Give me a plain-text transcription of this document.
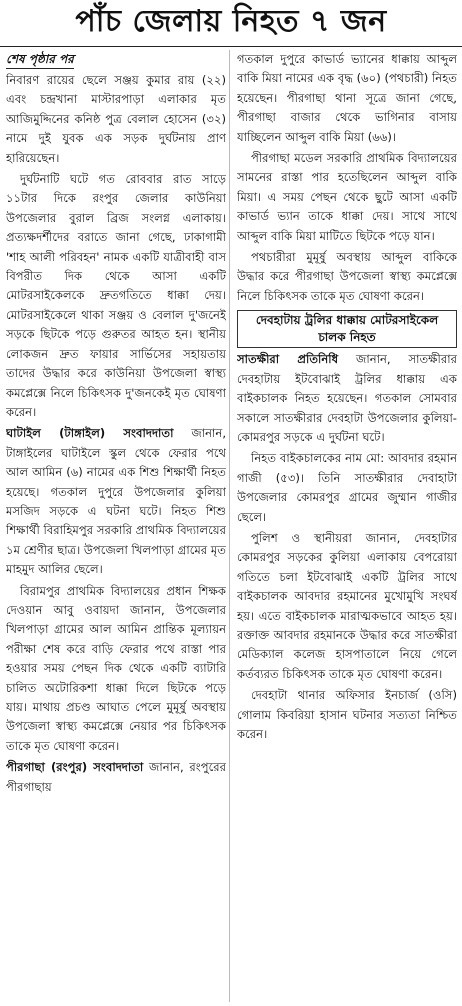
পাঁচ জেলায় নিহত ৭ জন
শেষ পৃষ্ঠার পর

নিবারণ রায়ের ছেলে সঞ্জয় কুমার রায় (২২) এবং চন্দ্রখানা মাস্টারপাড়া এলাকার মৃত আজিমুদ্দিনের কনিষ্ঠ পুত্র বেলাল হোসেন (৩২) নামে দুই যুবক এক সড়ক দুর্ঘটনায় প্রাণ হারিয়েছেন।

দুর্ঘটনাটি ঘটে গত রোববার রাত সাড়ে ১১টার দিকে রংপুর জেলার কাউনিয়া উপজেলার বুরাল ব্রিজ সংলগ্ন এলাকায়। প্রত্যক্ষদর্শীদের বরাতে জানা গেছে, ঢাকাগামী 'শাহ আলী পরিবহন' নামক একটি যাত্রীবাহী বাস বিপরীত দিক থেকে আসা একটি মোটরসাইকেলকে দ্রুতগতিতে ধাক্কা দেয়। মোটরসাইকেলে থাকা সঞ্জয় ও বেলাল দু'জনেই সড়কে ছিটকে পড়ে গুরুতর আহত হন। স্থানীয় লোকজন দ্রুত ফায়ার সার্ভিসের সহায়তায় তাদের উদ্ধার করে কাউনিয়া উপজেলা স্বাস্থ্য কমপ্লেক্সে নিলে চিকিৎসক দু'জনকেই মৃত ঘোষণা করেন।

ঘাটাইল (টাঙ্গাইল) সংবাদদাতা জানান, টাঙ্গাইলের ঘাটাইলে স্কুল থেকে ফেরার পথে আল আমিন (৬) নামের এক শিশু শিক্ষার্থী নিহত হয়েছে। গতকাল দুপুরে উপজেলার কুলিয়া মসজিদ সড়কে এ ঘটনা ঘটে। নিহত শিশু শিক্ষার্থী বিরাহিমপুর সরকারি প্রাথমিক বিদ্যালয়ের ১ম শ্রেণীর ছাত্র। উপজেলা খিলপাড়া গ্রামের মৃত মাহমুদ আলির ছেলে।

বিরামপুর প্রাথমিক বিদ্যালয়ের প্রধান শিক্ষক দেওয়ান আবু ওবায়দা জানান, উপজেলার খিলপাড়া গ্রামের আল আমিন প্রান্তিক মূল্যায়ন পরীক্ষা শেষ করে বাড়ি ফেরার পথে রাস্তা পার হওয়ার সময় পেছন দিক থেকে একটি ব্যাটারি চালিত অটোরিকশা ধাক্কা দিলে ছিটকে পড়ে যায়। মাথায় প্রচণ্ড আঘাত পেলে মুমূর্ষু অবস্থায় উপজেলা স্বাস্থ্য কমপ্লেক্সে নেয়ার পর চিকিৎসক তাকে মৃত ঘোষণা করেন।

পীরগাছা (রংপুর) সংবাদদাতা জানান, রংপুরের পীরগাছায়

গতকাল দুপুরে কাভার্ড ভ্যানের ধাক্কায় আব্দুল বাকি মিয়া নামের এক বৃদ্ধ (৬০) (পথচারী) নিহত হয়েছেন। পীরগাছা থানা সূত্রে জানা গেছে, পীরগাছা বাজার থেকে ভাগিনার বাসায় যাচ্ছিলেন আব্দুল বাকি মিয়া (৬৬)।

পীরগাছা মডেল সরকারি প্রাথমিক বিদ্যালয়ের সামনের রাস্তা পার হতেছিলেন আব্দুল বাকি মিয়া। এ সময় পেছন থেকে ছুটে আসা একটি কাভার্ড ভ্যান তাকে ধাক্কা দেয়। সাথে সাথে আব্দুল বাকি মিয়া মাটিতে ছিটকে পড়ে যান।

পথচারীরা মুমূর্ষু অবস্থায় আব্দুল বাকিকে উদ্ধার করে পীরগাছা উপজেলা স্বাস্থ্য কমপ্লেক্সে নিলে চিকিৎসক তাকে মৃত ঘোষণা করেন।

দেবহাটায় ট্রলির ধাক্কায় মোটরসাইকেল চালক নিহত

সাতক্ষীরা প্রতিনিধি জানান, সাতক্ষীরার দেবহাটায় ইটবোঝাই ট্রলির ধাক্কায় এক বাইকচালক নিহত হয়েছেন। গতকাল সোমবার সকালে সাতক্ষীরার দেবহাটা উপজেলার কুলিয়া-কোমরপুর সড়কে এ দুর্ঘটনা ঘটে।

নিহত বাইকচালকের নাম মো: আবদার রহমান গাজী (৫৩)। তিনি সাতক্ষীরার দেবাহাটা উপজেলার কোমরপুর গ্রামের জুম্মান গাজীর ছেলে।

পুলিশ ও স্থানীয়রা জানান, দেবহাটার কোমরপুর সড়কের কুলিয়া এলাকায় বেপরোয়া গতিতে চলা ইটবোঝাই একটি ট্রলির সাথে বাইকচালক আবদার রহমানের মুখোমুখি সংঘর্ষ হয়। এতে বাইকচালক মারাত্মকভাবে আহত হয়। রক্তাক্ত আবদার রহমানকে উদ্ধার করে সাতক্ষীরা মেডিক্যাল কলেজ হাসপাতালে নিয়ে গেলে কর্তব্যরত চিকিৎসক তাকে মৃত ঘোষণা করেন।

দেবহাটা থানার অফিসার ইনচার্জ (ওসি) গোলাম কিবরিয়া হাসান ঘটনার সত্যতা নিশ্চিত করেন।
